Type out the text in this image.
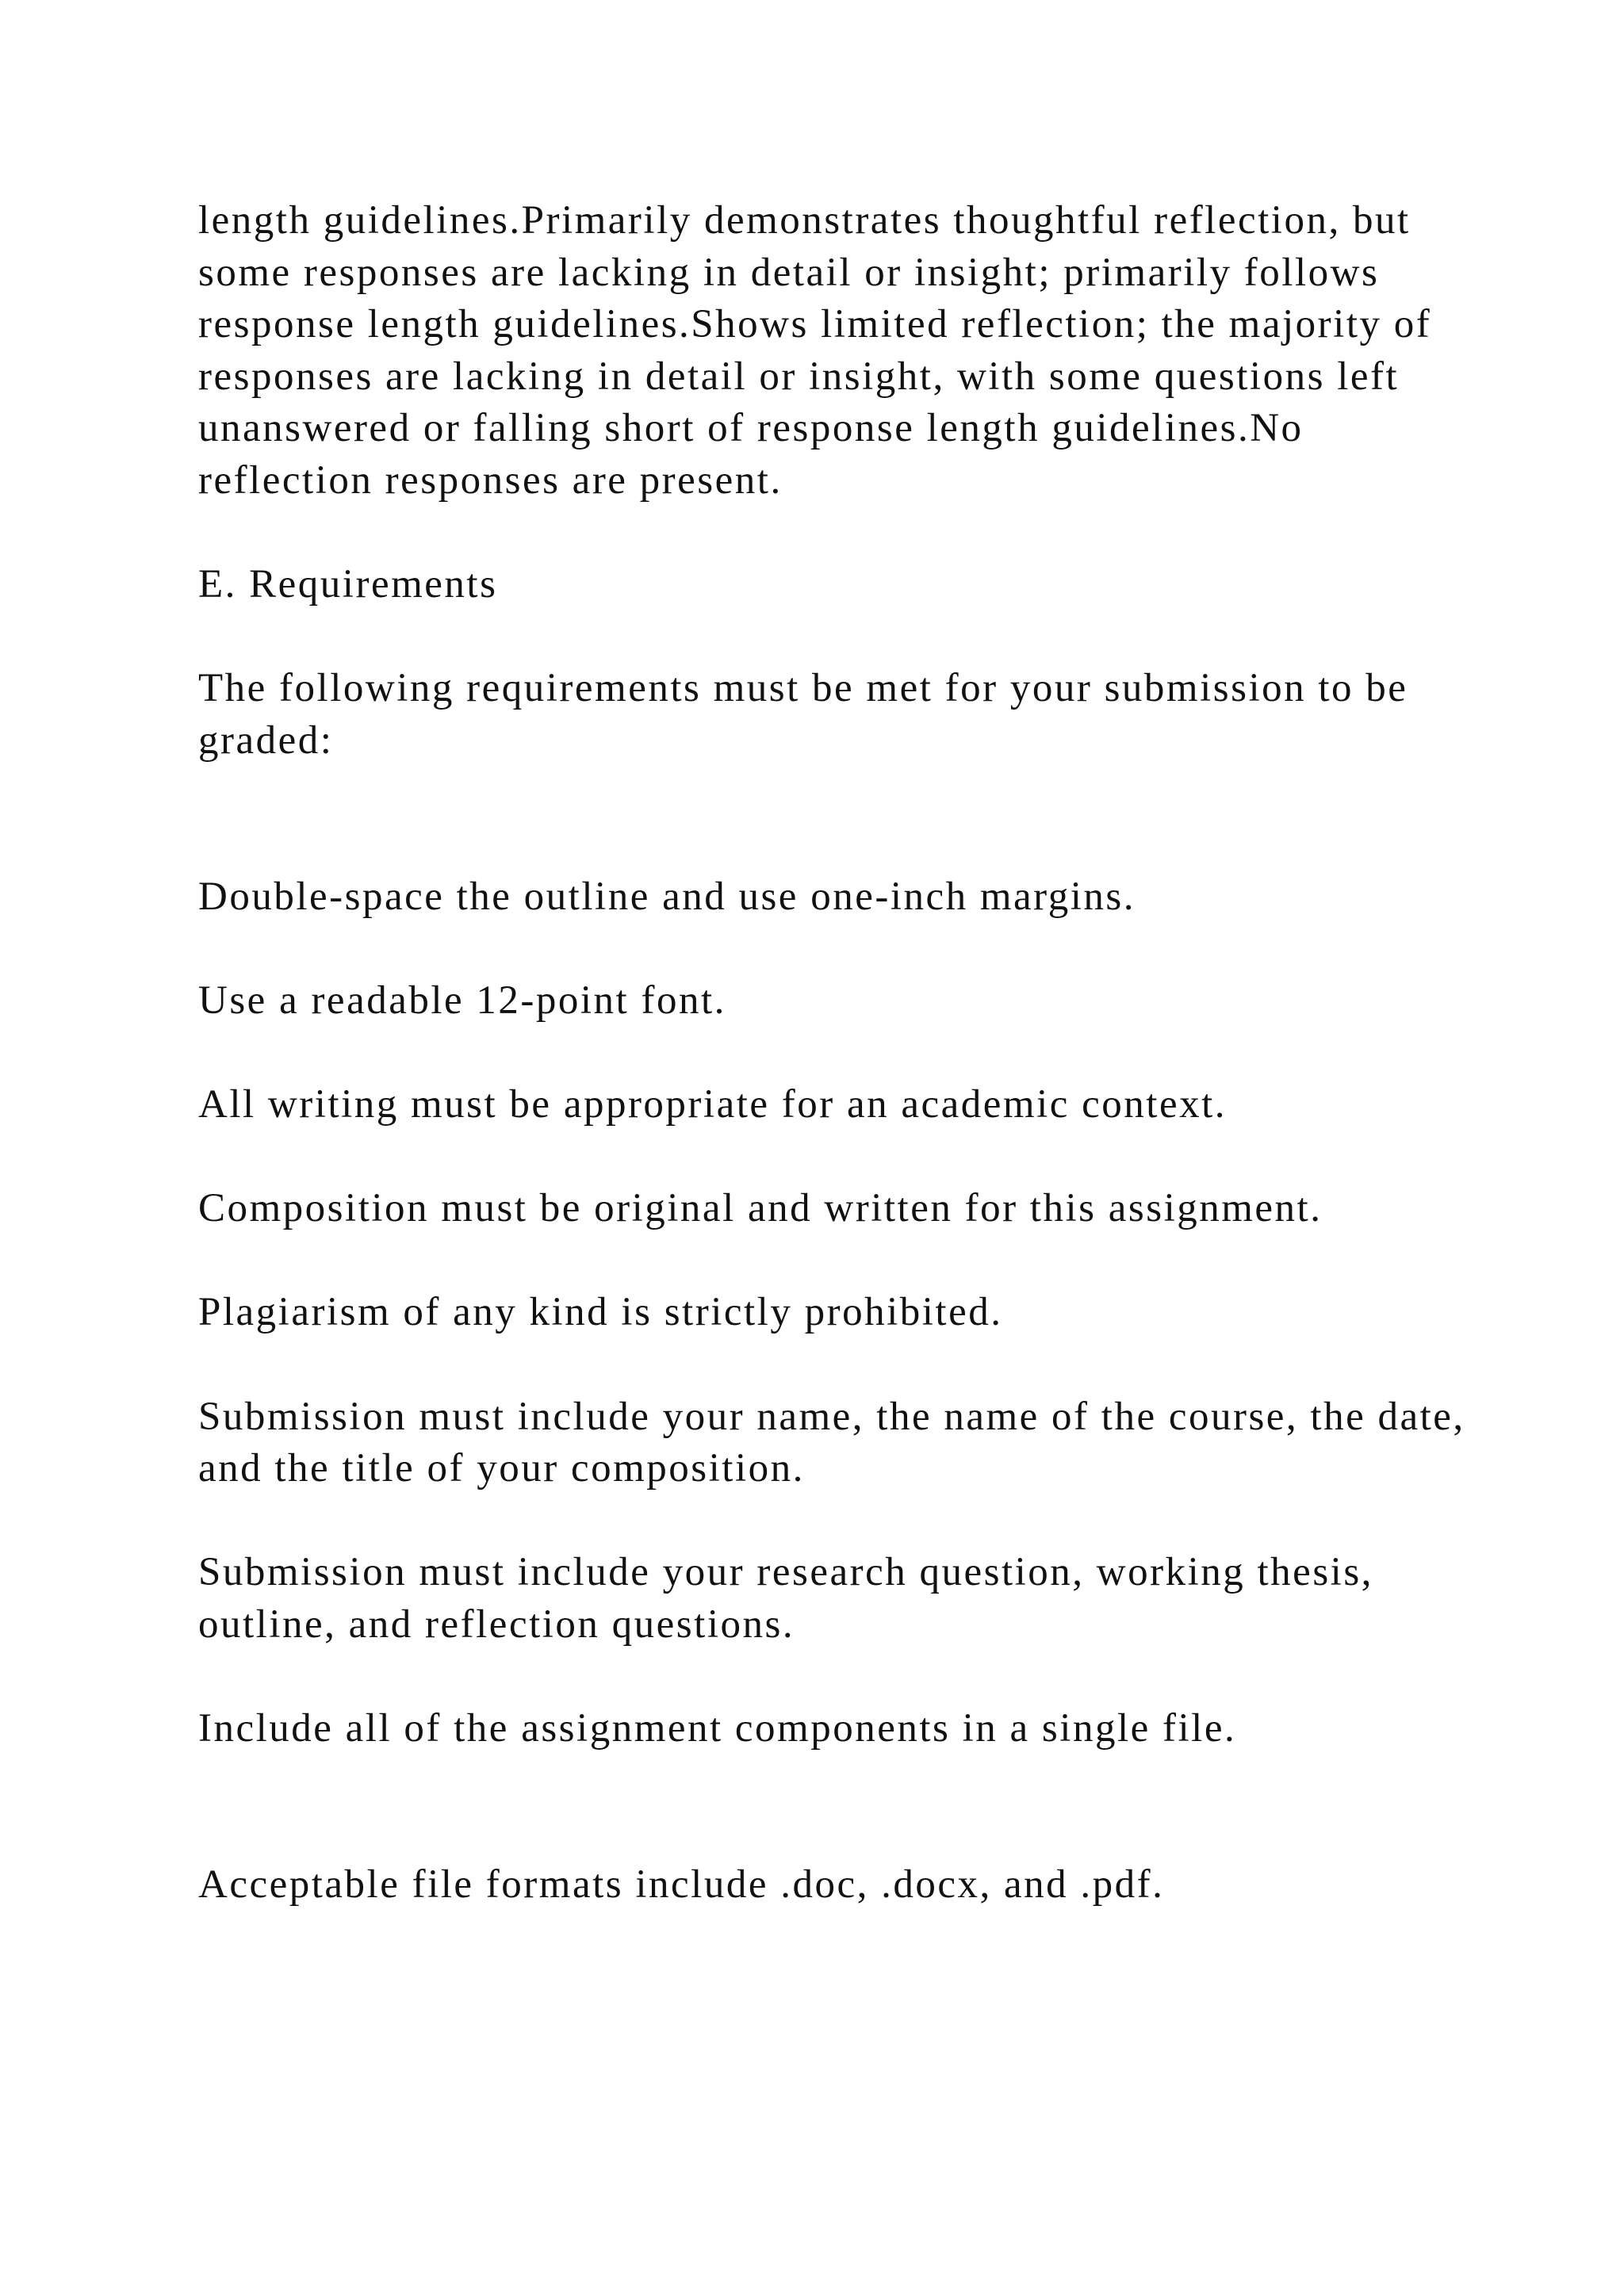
length guidelines.Primarily demonstrates thoughtful reflection, but some responses are lacking in detail or insight; primarily follows response length guidelines.Shows limited reflection; the majority of responses are lacking in detail or insight, with some questions left unanswered or falling short of response length guidelines.No reflection responses are present.

E. Requirements

The following requirements must be met for your submission to be graded:

Double-space the outline and use one-inch margins.

Use a readable 12-point font.

All writing must be appropriate for an academic context.

Composition must be original and written for this assignment.

Plagiarism of any kind is strictly prohibited.

Submission must include your name, the name of the course, the date, and the title of your composition.

Submission must include your research question, working thesis, outline, and reflection questions.

Include all of the assignment components in a single file.

Acceptable file formats include .doc, .docx, and .pdf.
